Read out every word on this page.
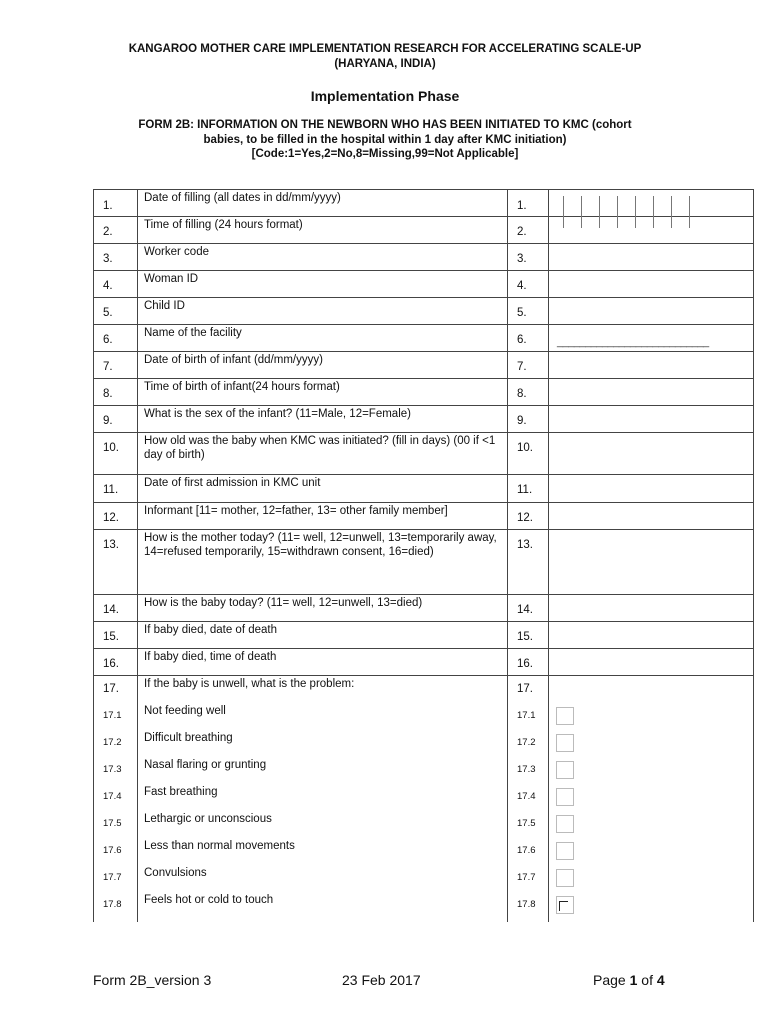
KANGAROO MOTHER CARE IMPLEMENTATION RESEARCH FOR ACCELERATING SCALE-UP
(HARYANA, INDIA)
Implementation Phase
FORM 2B: INFORMATION ON THE NEWBORN WHO HAS BEEN INITIATED TO KMC (cohort
babies, to be filled in the hospital within 1 day after KMC initiation)
[Code:1=Yes,2=No,8=Missing,99=Not Applicable]
1.	Date of filling (all dates in dd/mm/yyyy)	1.	

2.	Time of filling (24 hours format)	2.	

3.	Worker code	3.	

4.	Woman ID	4.	

5.	Child ID	5.	

6.	Name of the facility	6.	___________________________

7.	Date of birth of infant (dd/mm/yyyy)	7.	

8.	Time of birth of infant(24 hours format)	8.	

9.	What is the sex of the infant? (11=Male, 12=Female)	9.	

10.	How old was the baby when KMC was initiated? (fill in days) (00 if <1 day of birth)	10.	

11.	Date of first admission in KMC unit	11.	

12.	Informant [11= mother, 12=father, 13= other family member]	12.	

13.	How is the mother today? (11= well, 12=unwell, 13=temporarily away, 14=refused temporarily, 15=withdrawn consent, 16=died)	13.	

14.	How is the baby today? (11= well, 12=unwell, 13=died)	14.	

15.	If baby died, date of death	15.	

16.	If baby died, time of death	16.	

17.	If the baby is unwell, what is the problem:	17.	

17.1	Not feeding well	17.1	

17.2	Difficult breathing	17.2	

17.3	Nasal flaring or grunting	17.3	

17.4	Fast breathing	17.4	

17.5	Lethargic or unconscious	17.5	

17.6	Less than normal movements	17.6	

17.7	Convulsions	17.7	

17.8	Feels hot or cold to touch	17.8	

Form 2B_version 3	23 Feb 2017	Page 1 of 4
